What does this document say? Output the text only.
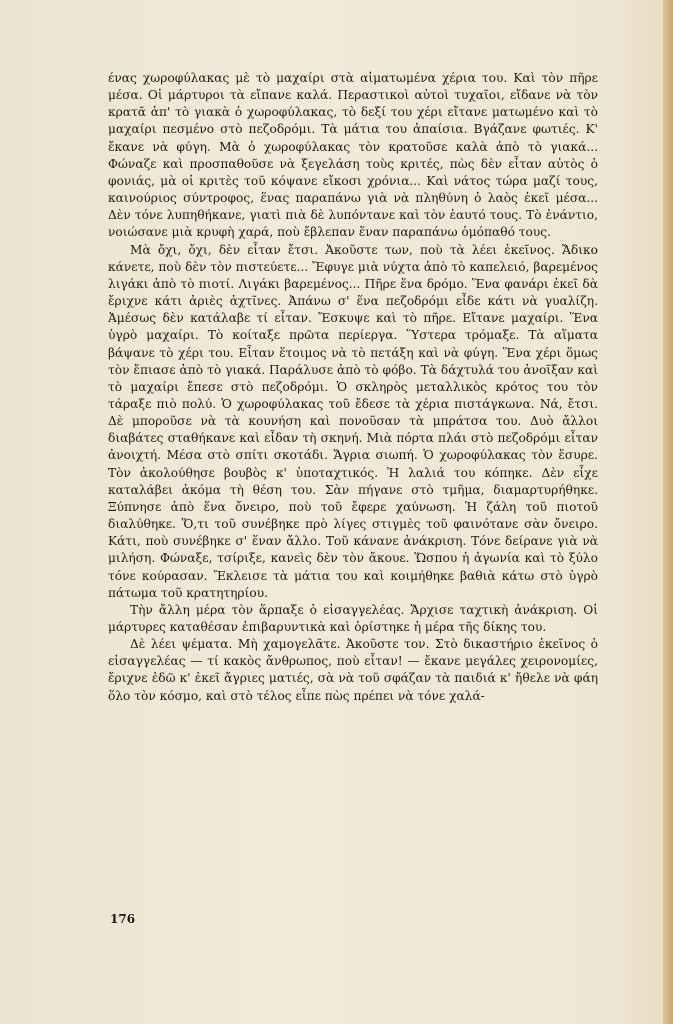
ένας χωροφύλακας μὲ τὸ μαχαίρι στὰ αἱματωμένα χέρια του. Καὶ τὸν πῆρε μέσα. Οἱ μάρτυροι τὰ εἴπανε καλά. Περαστικοὶ αὐτοὶ τυχαῖοι, εἴδανε νὰ τὸν κρατᾶ ἀπ' τὸ γιακὰ ὁ χωροφύλακας, τὸ δεξί του χέρι εἴτανε ματωμένο καὶ τὸ μαχαίρι πεσμένο στὸ πεζοδρόμι. Τὰ μάτια του ἀπαίσια. Βγάζανε φωτιές. Κ' ἔκανε νὰ φύγη. Μὰ ὁ χωροφύλακας τὸν κρατοῦσε καλὰ ἀπὸ τὸ γιακά... Φώναζε καὶ προσπαθοῦσε νὰ ξεγελάση τοὺς κριτές, πὼς δὲν εἶταν αὐτὸς ὁ φονιάς, μὰ οἱ κριτὲς τοῦ κόψανε εἴκοσι χρόνια... Καὶ νάτος τώρα μαζί τους, καινούριος σύντροφος, ἕνας παραπάνω γιὰ νὰ πληθύνη ὁ λαὸς ἐκεῖ μέσα... Δὲν τόνε λυπηθήκανε, γιατὶ πιὰ δὲ λυπόντανε καὶ τὸν ἑαυτό τους. Τὸ ἐνάντιο, νοιώσανε μιὰ κρυφὴ χαρά, ποὺ ἔβλεπαν ἕναν παραπάνω ὁμόπαθό τους.

Μὰ ὄχι, ὄχι, δὲν εἶταν ἔτσι. Ἀκοῦστε των, ποὺ τὰ λέει ἐκεῖνος. Ἄδικο κάνετε, ποὺ δὲν τὸν πιστεύετε... Ἔφυγε μιὰ νύχτα ἀπὸ τὸ καπελειό, βαρεμένος λιγάκι ἀπὸ τὸ πιοτί. Λιγάκι βαρεμένος... Πῆρε ἕνα δρόμο. Ἕνα φανάρι ἐκεῖ δὰ ἔριχνε κάτι ἀριὲς ἀχτῖνες. Ἀπάνω σ' ἕνα πεζοδρόμι εἶδε κάτι νὰ γυαλίζη. Ἀμέσως δὲν κατάλαβε τί εἶταν. Ἔσκυψε καὶ τὸ πῆρε. Εἴτανε μαχαίρι. Ἕνα ὑγρὸ μαχαίρι. Τὸ κοίταξε πρῶτα περίεργα. Ὕστερα τρόμαξε. Τὰ αἵματα βάψανε τὸ χέρι του. Εἶταν ἕτοιμος νὰ τὸ πετάξη καὶ νὰ φύγη. Ἕνα χέρι ὅμως τὸν ἔπιασε ἀπὸ τὸ γιακά. Παράλυσε ἀπὸ τὸ φόβο. Τὰ δάχτυλά του ἀνοῖξαν καὶ τὸ μαχαίρι ἔπεσε στὸ πεζοδρόμι. Ὁ σκληρὸς μεταλλικὸς κρότος του τὸν τάραξε πιὸ πολύ. Ὁ χωροφύλακας τοῦ ἔδεσε τὰ χέρια πιστάγκωνα. Νά, ἔτσι. Δὲ μποροῦσε νὰ τὰ κουνήση καὶ πονοῦσαν τὰ μπράτσα του. Δυὸ ἄλλοι διαβάτες σταθήκανε καὶ εἶδαν τὴ σκηνή. Μιὰ πόρτα πλάι στὸ πεζοδρόμι εἶταν ἀνοιχτή. Μέσα στὸ σπίτι σκοτάδι. Ἄγρια σιωπή. Ὁ χωροφύλακας τὸν ἔσυρε. Τὸν ἀκολούθησε βουβὸς κ' ὑποταχτικός. Ἡ λαλιά του κόπηκε. Δὲν εἶχε καταλάβει ἀκόμα τὴ θέση του. Σὰν πήγανε στὸ τμῆμα, διαμαρτυρήθηκε. Ξύπνησε ἀπὸ ἕνα ὄνειρο, ποὺ τοῦ ἔφερε χαύνωση. Ἡ ζάλη τοῦ πιοτοῦ διαλύθηκε. Ὅ,τι τοῦ συνέβηκε πρὸ λίγες στιγμὲς τοῦ φαινότανε σὰν ὄνειρο. Κάτι, ποὺ συνέβηκε σ' ἕναν ἄλλο. Τοῦ κάνανε ἀνάκριση. Τόνε δείρανε γιὰ νὰ μιλήση. Φώναξε, τσίριξε, κανεὶς δὲν τὸν ἄκουε. Ὥσπου ἡ ἀγωνία καὶ τὸ ξύλο τόνε κούρασαν. Ἔκλεισε τὰ μάτια του καὶ κοιμήθηκε βαθιὰ κάτω στὸ ὑγρὸ πάτωμα τοῦ κρατητηρίου.

Τὴν ἄλλη μέρα τὸν ἅρπαξε ὁ εἰσαγγελέας. Ἄρχισε ταχτικὴ ἀνάκριση. Οἱ μάρτυρες καταθέσαν ἐπιβαρυντικὰ καὶ ὁρίστηκε ἡ μέρα τῆς δίκης του.

Δὲ λέει ψέματα. Μὴ χαμογελᾶτε. Ἀκοῦστε τον. Στὸ δικαστήριο ἐκεῖνος ὁ εἰσαγγελέας — τί κακὸς ἄνθρωπος, ποὺ εἶταν! — ἔκανε μεγάλες χειρονομίες, ἔριχνε ἐδῶ κ' ἐκεῖ ἄγριες ματιές, σὰ νὰ τοῦ σφάζαν τὰ παιδιά κ' ἤθελε νὰ φάη ὅλο τὸν κόσμο, καὶ στὸ τέλος εἶπε πὼς πρέπει νὰ τόνε χαλά-

176
